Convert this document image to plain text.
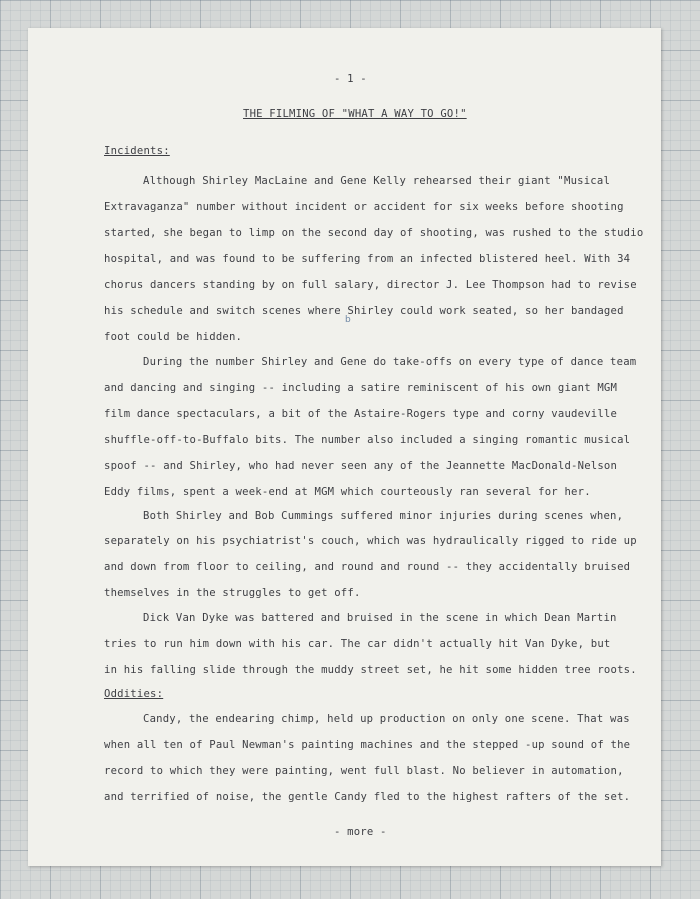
- 1 -
THE FILMING OF "WHAT A WAY TO GO!"
Incidents:
Although Shirley MacLaine and Gene Kelly rehearsed their giant "Musical
Extravaganza" number without incident or accident for six weeks before shooting
started, she began to limp on the second day of shooting, was rushed to the studio
hospital, and was found to be suffering from an infected blistered heel. With 34
chorus dancers standing by on full salary, director J. Lee Thompson had to revise
his schedule and switch scenes where Shirley could work seated, so her bandaged
foot could be hidden.
b
During the number Shirley and Gene do take-offs on every type of dance team
and dancing and singing -- including a satire reminiscent of his own giant MGM
film dance spectaculars, a bit of the Astaire-Rogers type and corny vaudeville
shuffle-off-to-Buffalo bits. The number also included a singing romantic musical
spoof -- and Shirley, who had never seen any of the Jeannette MacDonald-Nelson
Eddy films, spent a week-end at MGM which courteously ran several for her.
Both Shirley and Bob Cummings suffered minor injuries during scenes when,
separately on his psychiatrist's couch, which was hydraulically rigged to ride up
and down from floor to ceiling, and round and round -- they accidentally bruised
themselves in the struggles to get off.
Dick Van Dyke was battered and bruised in the scene in which Dean Martin
tries to run him down with his car. The car didn't actually hit Van Dyke, but
in his falling slide through the muddy street set, he hit some hidden tree roots.
Oddities:
Candy, the endearing chimp, held up production on only one scene. That was
when all ten of Paul Newman's painting machines and the stepped -up sound of the
record to which they were painting, went full blast. No believer in automation,
and terrified of noise, the gentle Candy fled to the highest rafters of the set.
- more -
